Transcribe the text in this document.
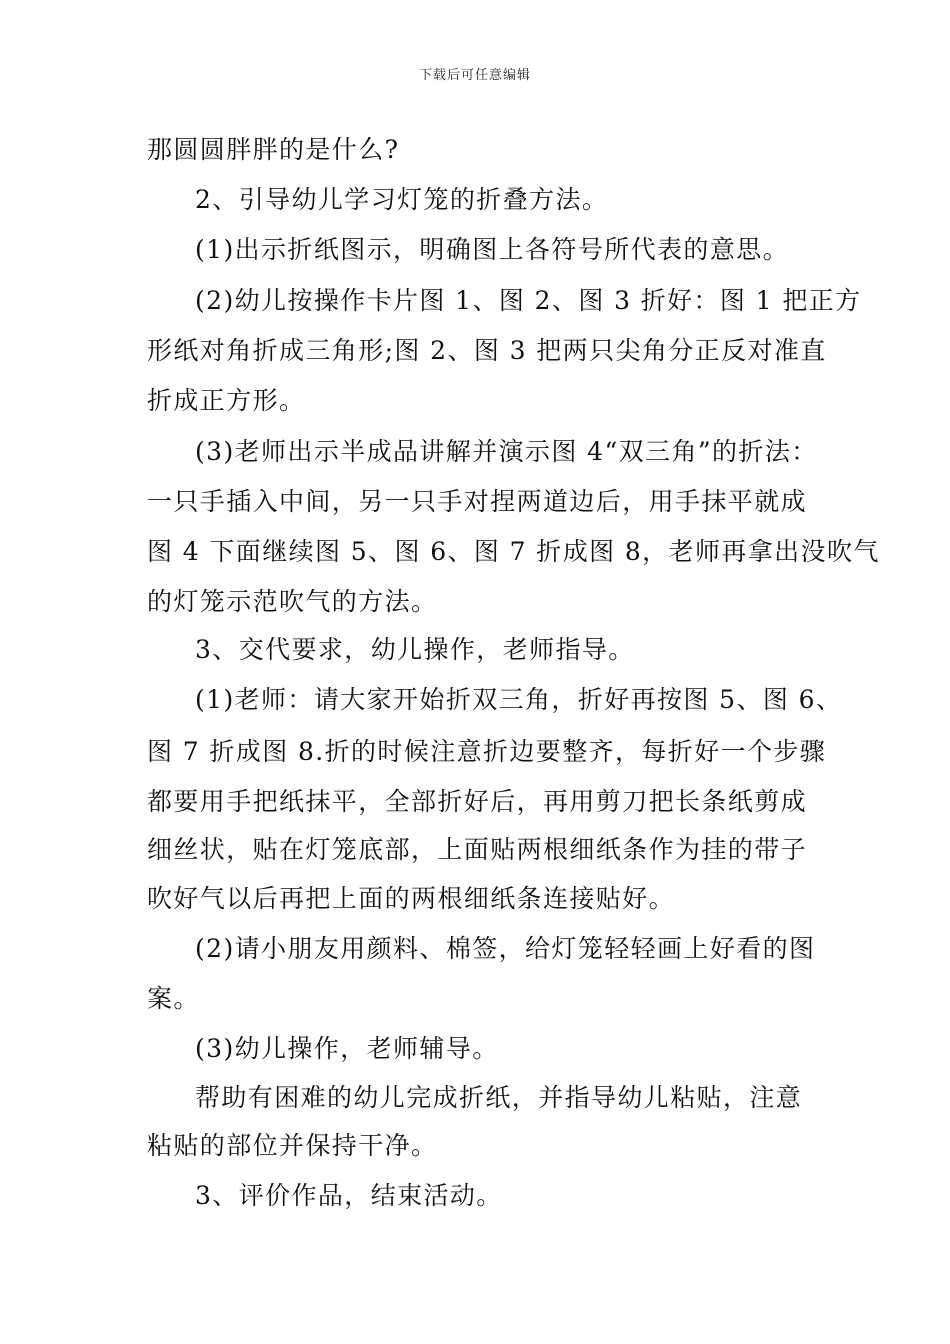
下载后可任意编辑
那圆圆胖胖的是什么?
2、引导幼儿学习灯笼的折叠方法。
(1)出示折纸图示，明确图上各符号所代表的意思。
(2)幼儿按操作卡片图 1、图 2、图 3 折好：图 1 把正方
形纸对角折成三角形;图 2、图 3 把两只尖角分正反对准直
折成正方形。
(3)老师出示半成品讲解并演示图 4“双三角”的折法：
一只手插入中间，另一只手对捏两道边后，用手抹平就成
图 4 下面继续图 5、图 6、图 7 折成图 8，老师再拿出没吹气
的灯笼示范吹气的方法。
3、交代要求，幼儿操作，老师指导。
(1)老师：请大家开始折双三角，折好再按图 5、图 6、
图 7 折成图 8.折的时候注意折边要整齐，每折好一个步骤
都要用手把纸抹平，全部折好后，再用剪刀把长条纸剪成
细丝状，贴在灯笼底部，上面贴两根细纸条作为挂的带子
吹好气以后再把上面的两根细纸条连接贴好。
(2)请小朋友用颜料、棉签，给灯笼轻轻画上好看的图
案。
(3)幼儿操作，老师辅导。
帮助有困难的幼儿完成折纸，并指导幼儿粘贴，注意
粘贴的部位并保持干净。
3、评价作品，结束活动。
